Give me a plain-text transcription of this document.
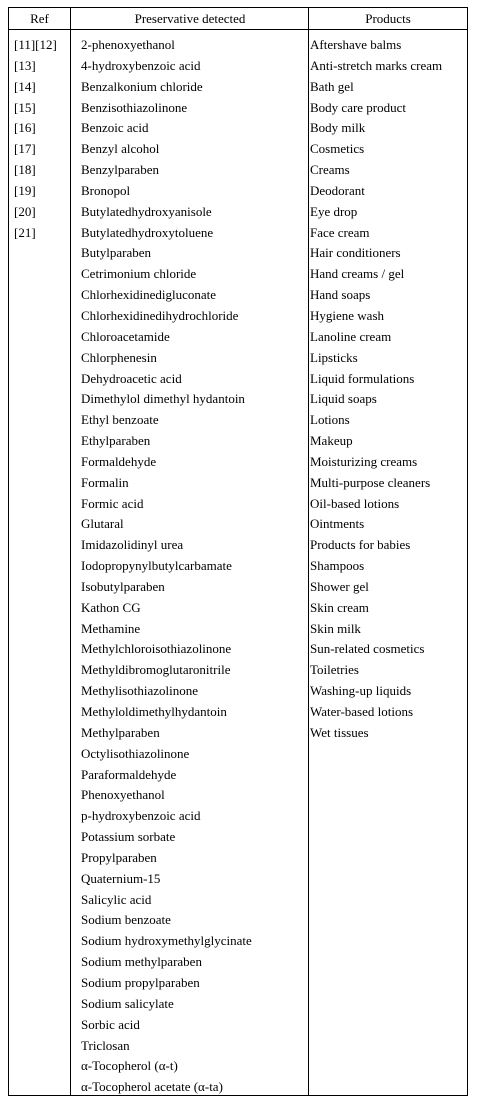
Ref	Preservative detected	Products
[11][12]
[13]
[14]
[15]
[16]
[17]
[18]
[19]
[20]
[21]
2-phenoxyethanol
4-hydroxybenzoic acid
Benzalkonium chloride
Benzisothiazolinone
Benzoic acid
Benzyl alcohol
Benzylparaben
Bronopol
Butylatedhydroxyanisole
Butylatedhydroxytoluene
Butylparaben
Cetrimonium chloride
Chlorhexidinedigluconate
Chlorhexidinedihydrochloride
Chloroacetamide
Chlorphenesin
Dehydroacetic acid
Dimethylol dimethyl hydantoin
Ethyl benzoate
Ethylparaben
Formaldehyde
Formalin
Formic acid
Glutaral
Imidazolidinyl urea
Iodopropynylbutylcarbamate
Isobutylparaben
Kathon CG
Methamine
Methylchloroisothiazolinone
Methyldibromoglutaronitrile
Methylisothiazolinone
Methyloldimethylhydantoin
Methylparaben
Octylisothiazolinone
Paraformaldehyde
Phenoxyethanol
p-hydroxybenzoic acid
Potassium sorbate
Propylparaben
Quaternium-15
Salicylic acid
Sodium benzoate
Sodium hydroxymethylglycinate
Sodium methylparaben
Sodium propylparaben
Sodium salicylate
Sorbic acid
Triclosan
α-Tocopherol (α-t)
α-Tocopherol acetate (α-ta)
Aftershave balms
Anti-stretch marks cream
Bath gel
Body care product
Body milk
Cosmetics
Creams
Deodorant
Eye drop
Face cream
Hair conditioners
Hand creams / gel
Hand soaps
Hygiene wash
Lanoline cream
Lipsticks
Liquid formulations
Liquid soaps
Lotions
Makeup
Moisturizing creams
Multi-purpose cleaners
Oil-based lotions
Ointments
Products for babies
Shampoos
Shower gel
Skin cream
Skin milk
Sun-related cosmetics
Toiletries
Washing-up liquids
Water-based lotions
Wet tissues
